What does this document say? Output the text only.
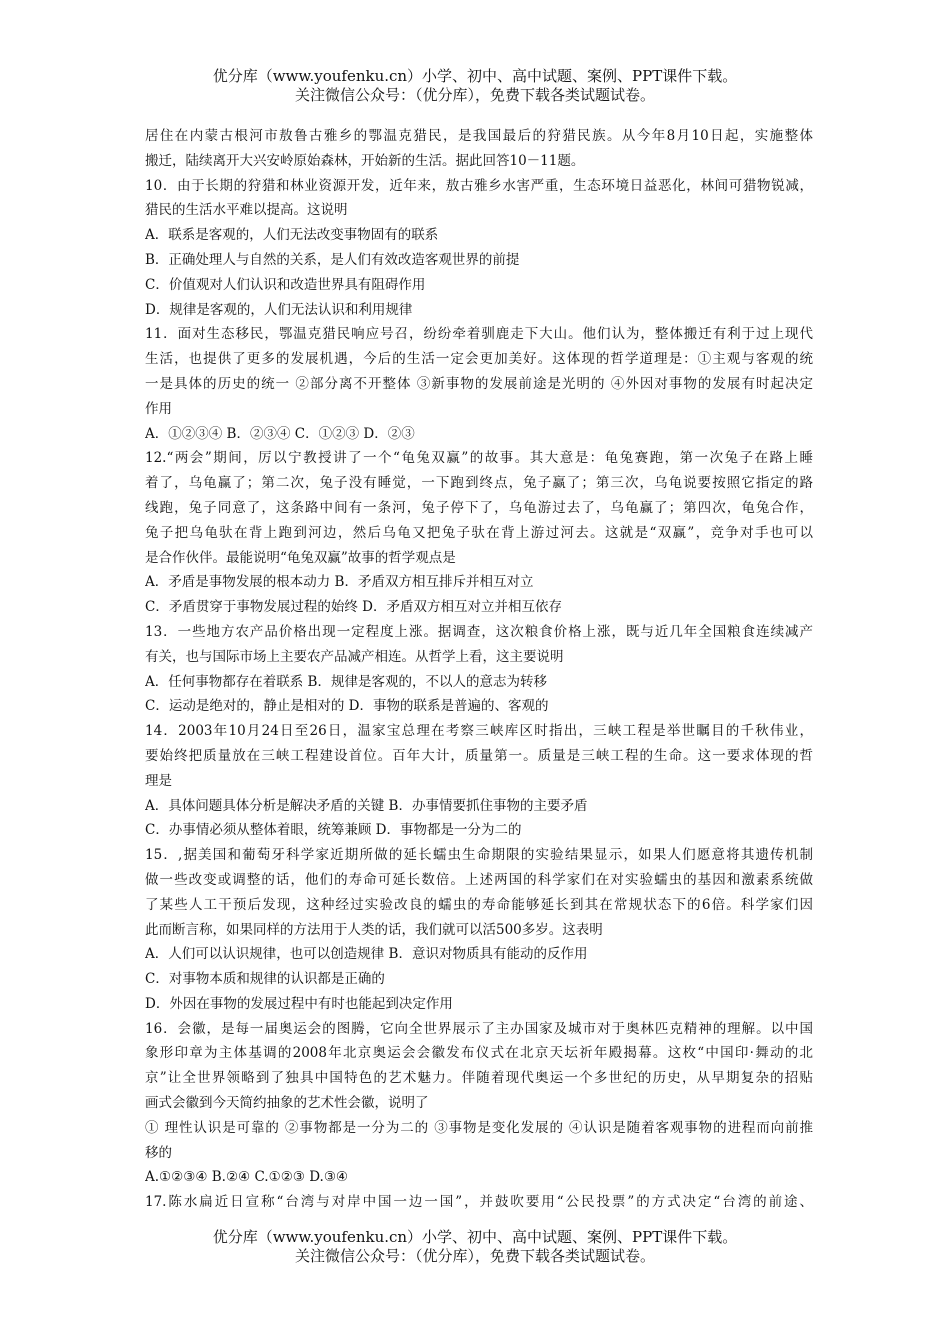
优分库（www.youfenku.cn）小学、初中、高中试题、案例、PPT课件下载。
关注微信公众号：（优分库），免费下载各类试题试卷。
居住在内蒙古根河市敖鲁古雅乡的鄂温克猎民，是我国最后的狩猎民族。从今年8月10日起，实施整体
搬迁，陆续离开大兴安岭原始森林，开始新的生活。据此回答10－11题。
10．由于长期的狩猎和林业资源开发，近年来，敖古雅乡水害严重，生态环境日益恶化，林间可猎物锐减，
猎民的生活水平难以提高。这说明
A．联系是客观的，人们无法改变事物固有的联系
B．正确处理人与自然的关系，是人们有效改造客观世界的前提
C．价值观对人们认识和改造世界具有阻碍作用
D．规律是客观的，人们无法认识和利用规律
11．面对生态移民，鄂温克猎民响应号召，纷纷牵着驯鹿走下大山。他们认为，整体搬迁有利于过上现代
生活，也提供了更多的发展机遇，今后的生活一定会更加美好。这体现的哲学道理是：①主观与客观的统
一是具体的历史的统一 ②部分离不开整体 ③新事物的发展前途是光明的 ④外因对事物的发展有时起决定
作用
A．①②③④ B．②③④ C．①②③ D．②③
12.“两会”期间，厉以宁教授讲了一个“龟兔双赢”的故事。其大意是：龟兔赛跑，第一次兔子在路上睡
着了，乌龟赢了；第二次，兔子没有睡觉，一下跑到终点，兔子赢了；第三次，乌龟说要按照它指定的路
线跑，兔子同意了，这条路中间有一条河，兔子停下了，乌龟游过去了，乌龟赢了；第四次，龟兔合作，
兔子把乌龟驮在背上跑到河边，然后乌龟又把兔子驮在背上游过河去。这就是“双赢”，竞争对手也可以
是合作伙伴。最能说明“龟兔双赢”故事的哲学观点是
A．矛盾是事物发展的根本动力 B．矛盾双方相互排斥并相互对立
C．矛盾贯穿于事物发展过程的始终 D．矛盾双方相互对立并相互依存
13．一些地方农产品价格出现一定程度上涨。据调查，这次粮食价格上涨，既与近几年全国粮食连续减产
有关，也与国际市场上主要农产品减产相连。从哲学上看，这主要说明
A．任何事物都存在着联系 B．规律是客观的，不以人的意志为转移
C．运动是绝对的，静止是相对的 D．事物的联系是普遍的、客观的
14．2003年10月24日至26日，温家宝总理在考察三峡库区时指出，三峡工程是举世瞩目的千秋伟业，
要始终把质量放在三峡工程建设首位。百年大计，质量第一。质量是三峡工程的生命。这一要求体现的哲
理是
A．具体问题具体分析是解决矛盾的关键 B．办事情要抓住事物的主要矛盾
C．办事情必须从整体着眼，统筹兼顾 D．事物都是一分为二的
15．,据美国和葡萄牙科学家近期所做的延长蠕虫生命期限的实验结果显示，如果人们愿意将其遗传机制
做一些改变或调整的话，他们的寿命可延长数倍。上述两国的科学家们在对实验蠕虫的基因和激素系统做
了某些人工干预后发现，这种经过实验改良的蠕虫的寿命能够延长到其在常规状态下的6倍。科学家们因
此而断言称，如果同样的方法用于人类的话，我们就可以活500多岁。这表明
A．人们可以认识规律，也可以创造规律 B．意识对物质具有能动的反作用
C．对事物本质和规律的认识都是正确的
D．外因在事物的发展过程中有时也能起到决定作用
16．会徽，是每一届奥运会的图腾，它向全世界展示了主办国家及城市对于奥林匹克精神的理解。以中国
象形印章为主体基调的2008年北京奥运会会徽发布仪式在北京天坛祈年殿揭幕。这枚“中国印·舞动的北
京”让全世界领略到了独具中国特色的艺术魅力。伴随着现代奥运一个多世纪的历史，从早期复杂的招贴
画式会徽到今天简约抽象的艺术性会徽，说明了
① 理性认识是可靠的 ②事物都是一分为二的 ③事物是变化发展的 ④认识是随着客观事物的进程而向前推
移的
A.①②③④ B.②④ C.①②③ D.③④
17.陈水扁近日宣称“台湾与对岸中国一边一国”，并鼓吹要用“公民投票”的方式决定“台湾的前途、
优分库（www.youfenku.cn）小学、初中、高中试题、案例、PPT课件下载。
关注微信公众号：（优分库），免费下载各类试题试卷。
